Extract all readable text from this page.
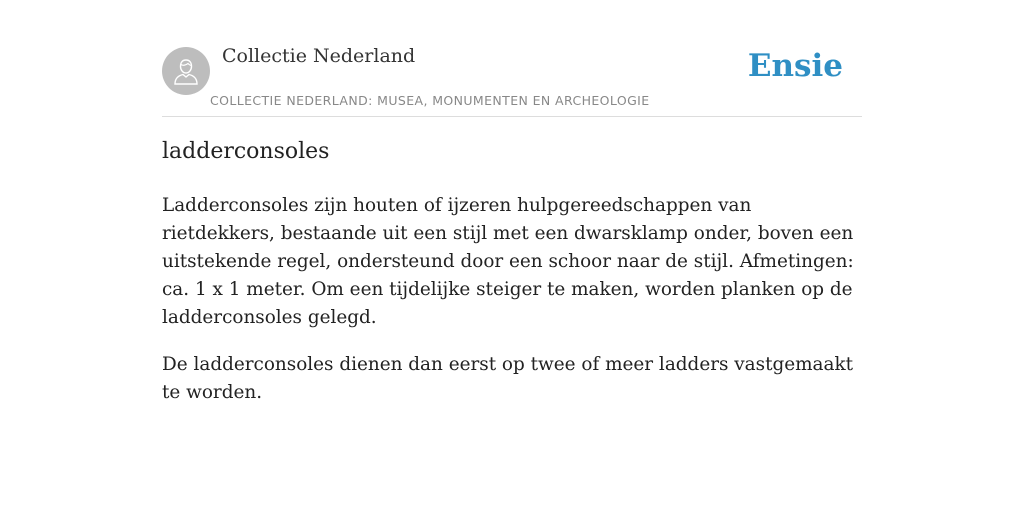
Collectie Nederland
COLLECTIE NEDERLAND: MUSEA, MONUMENTEN EN ARCHEOLOGIE
Ensie
ladderconsoles

Ladderconsoles zijn houten of ijzeren hulpgereedschappen van rietdekkers, bestaande uit een stijl met een dwarsklamp onder, boven een uitstekende regel, ondersteund door een schoor naar de stijl. Afmetingen: ca. 1 x 1 meter. Om een tijdelijke steiger te maken, worden planken op de ladderconsoles gelegd.

De ladderconsoles dienen dan eerst op twee of meer ladders vastgemaakt te worden.
